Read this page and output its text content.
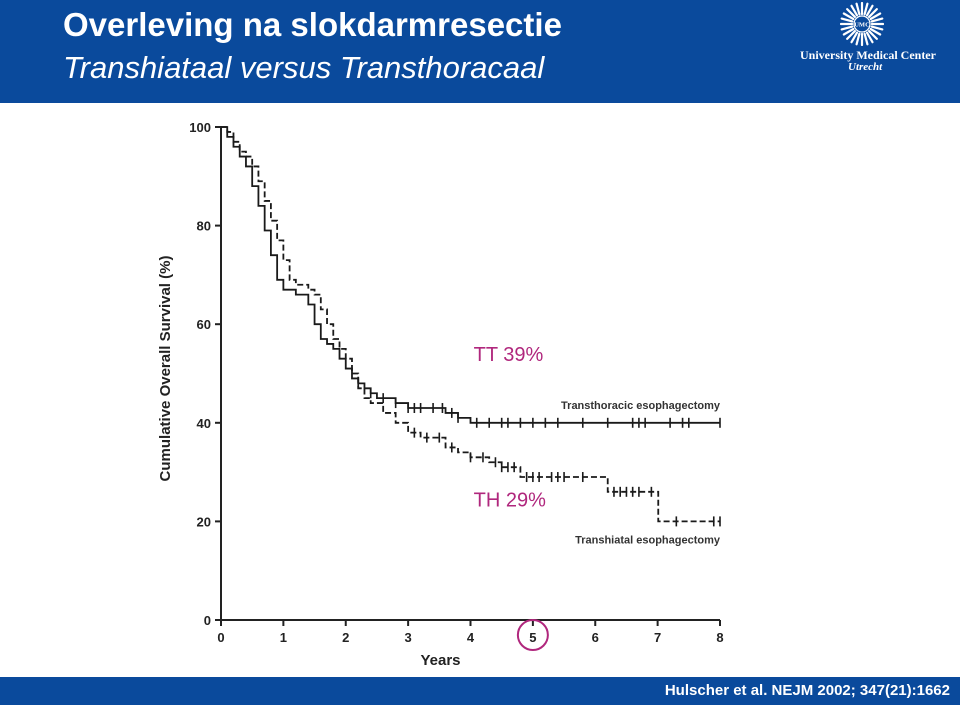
Overleving na slokdarmresectie
Transhiataal versus Transthoracaal
UMC
University Medical Center
Utrecht
0	1	2	3	4	5	6	7	8
0
20
40
60
80
100
Years
Cumulative Overall Survival (%)	Transthoracic esophagectomy
Transhiatal esophagectomy
TT 39%
TH 29%
Hulscher et al. NEJM 2002; 347(21):1662
